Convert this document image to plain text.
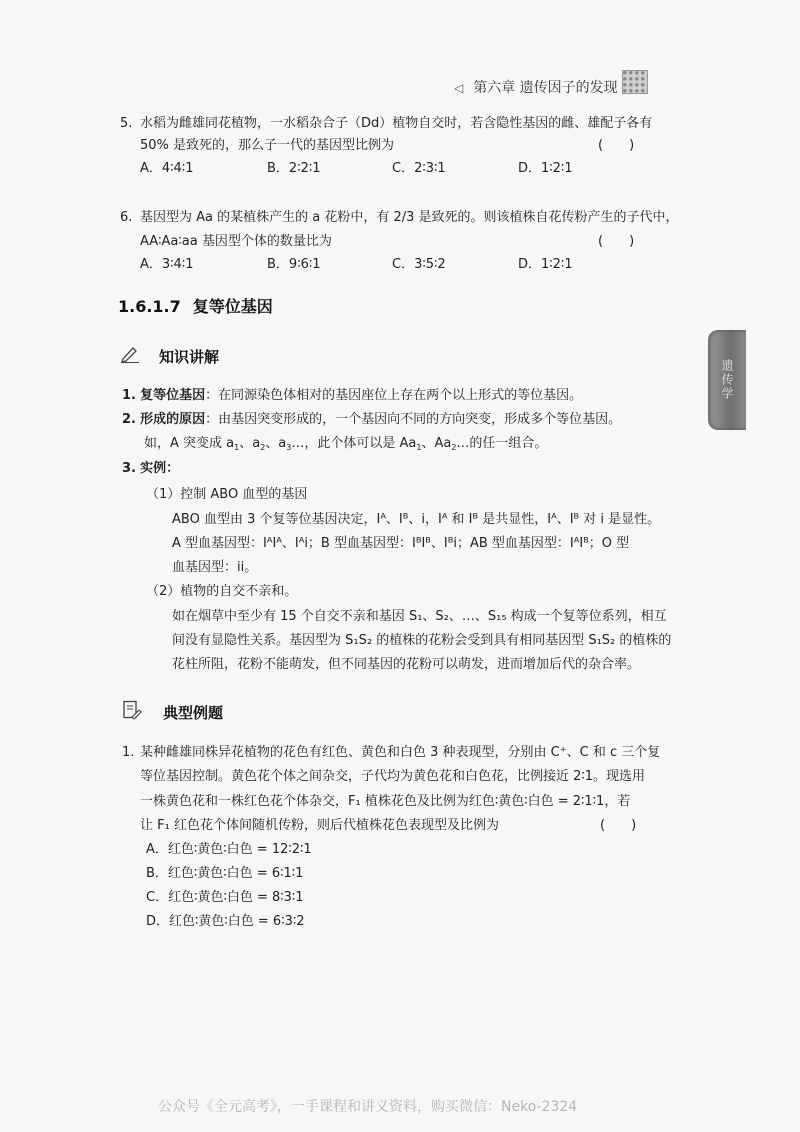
◁ 第六章 遗传因子的发现
遗传学
5. 水稻为雌雄同花植物，一水稻杂合子（Dd）植物自交时，若含隐性基因的雌、雄配子各有
50% 是致死的，那么子一代的基因型比例为	(　　)
A．4∶4∶1	B．2∶2∶1	C．2∶3∶1	D．1∶2∶1
6. 基因型为 Aa 的某植株产生的 a 花粉中，有 2/3 是致死的。则该植株自花传粉产生的子代中，
AA∶Aa∶aa 基因型个体的数量比为	(　　)
A．3∶4∶1	B．9∶6∶1	C．3∶5∶2	D．1∶2∶1
1.6.1.7 复等位基因
知识讲解
1. 复等位基因：在同源染色体相对的基因座位上存在两个以上形式的等位基因。
2. 形成的原因：由基因突变形成的，一个基因向不同的方向突变，形成多个等位基因。
如，A 突变成 $a_1$、$a_2$、$a_3\dots$，此个体可以是 $Aa_1$、$Aa_2\dots$的任一组合。
3. 实例：
（1）控制 ABO 血型的基因
ABO 血型由 3 个复等位基因决定，Iᴬ、Iᴮ、i，Iᴬ 和 Iᴮ 是共显性，Iᴬ、Iᴮ 对 i 是显性。
A 型血基因型：IᴬIᴬ、Iᴬi；B 型血基因型：IᴮIᴮ、Iᴮi；AB 型血基因型：IᴬIᴮ；O 型
血基因型：ii。
（2）植物的自交不亲和。
如在烟草中至少有 15 个自交不亲和基因 S₁、S₂、…、S₁₅ 构成一个复等位系列，相互
间没有显隐性关系。基因型为 S₁S₂ 的植株的花粉会受到具有相同基因型 S₁S₂ 的植株的
花柱所阻，花粉不能萌发，但不同基因的花粉可以萌发，进而增加后代的杂合率。
典型例题
1. 某种雌雄同株异花植物的花色有红色、黄色和白色 3 种表现型，分别由 C⁺、C 和 c 三个复
等位基因控制。黄色花个体之间杂交，子代均为黄色花和白色花，比例接近 2∶1。现选用
一株黄色花和一株红色花个体杂交，F₁ 植株花色及比例为红色∶黄色∶白色 = 2∶1∶1，若
让 F₁ 红色花个体间随机传粉，则后代植株花色表现型及比例为	(　　)
A．红色∶黄色∶白色 = 12∶2∶1
B．红色∶黄色∶白色 = 6∶1∶1
C．红色∶黄色∶白色 = 8∶3∶1
D．红色∶黄色∶白色 = 6∶3∶2
公众号《全元高考》，一手课程和讲义资料，购买微信：Neko-2324
